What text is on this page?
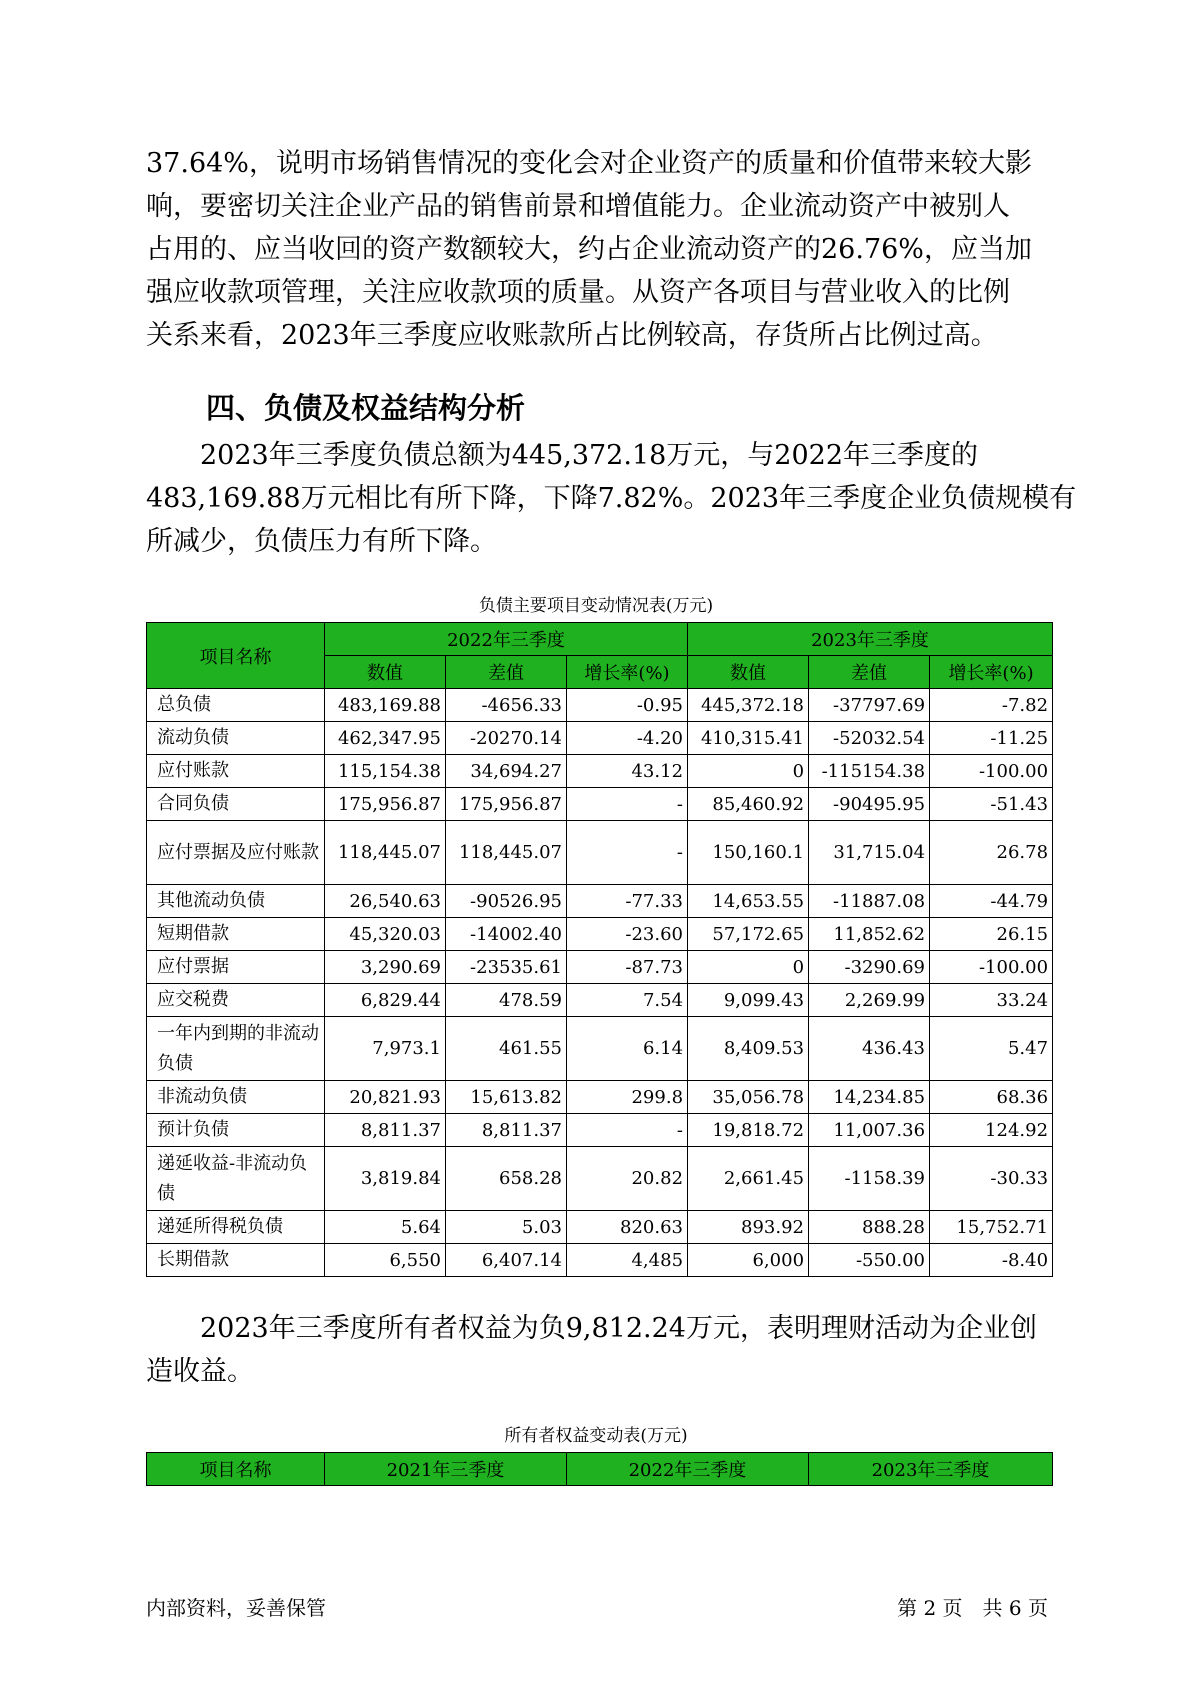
37.64%，说明市场销售情况的变化会对企业资产的质量和价值带来较大影
响，要密切关注企业产品的销售前景和增值能力。企业流动资产中被别人
占用的、应当收回的资产数额较大，约占企业流动资产的26.76%，应当加
强应收款项管理，关注应收款项的质量。从资产各项目与营业收入的比例
关系来看，2023年三季度应收账款所占比例较高，存货所占比例过高。

四、负债及权益结构分析

　　2023年三季度负债总额为445,372.18万元，与2022年三季度的
483,169.88万元相比有所下降，下降7.82%。2023年三季度企业负债规模有
所减少，负债压力有所下降。

负债主要项目变动情况表(万元)
项目名称	2022年三季度			2023年三季度		
	数值	差值	增长率(%)	数值	差值	增长率(%)
总负债	483,169.88	-4656.33	-0.95	445,372.18	-37797.69	-7.82
流动负债	462,347.95	-20270.14	-4.20	410,315.41	-52032.54	-11.25
应付账款	115,154.38	34,694.27	43.12	0	-115154.38	-100.00
合同负债	175,956.87	175,956.87	-	85,460.92	-90495.95	-51.43
应付票据及应付账款	118,445.07	118,445.07	-	150,160.1	31,715.04	26.78
其他流动负债	26,540.63	-90526.95	-77.33	14,653.55	-11887.08	-44.79
短期借款	45,320.03	-14002.40	-23.60	57,172.65	11,852.62	26.15
应付票据	3,290.69	-23535.61	-87.73	0	-3290.69	-100.00
应交税费	6,829.44	478.59	7.54	9,099.43	2,269.99	33.24
一年内到期的非流动负债	7,973.1	461.55	6.14	8,409.53	436.43	5.47
非流动负债	20,821.93	15,613.82	299.8	35,056.78	14,234.85	68.36
预计负债	8,811.37	8,811.37	-	19,818.72	11,007.36	124.92
递延收益-非流动负债	3,819.84	658.28	20.82	2,661.45	-1158.39	-30.33
递延所得税负债	5.64	5.03	820.63	893.92	888.28	15,752.71
长期借款	6,550	6,407.14	4,485	6,000	-550.00	-8.40

　　2023年三季度所有者权益为负9,812.24万元，表明理财活动为企业创
造收益。

所有者权益变动表(万元)
项目名称	2021年三季度	2022年三季度	2023年三季度
内部资料，妥善保管	第 2 页　共 6 页
